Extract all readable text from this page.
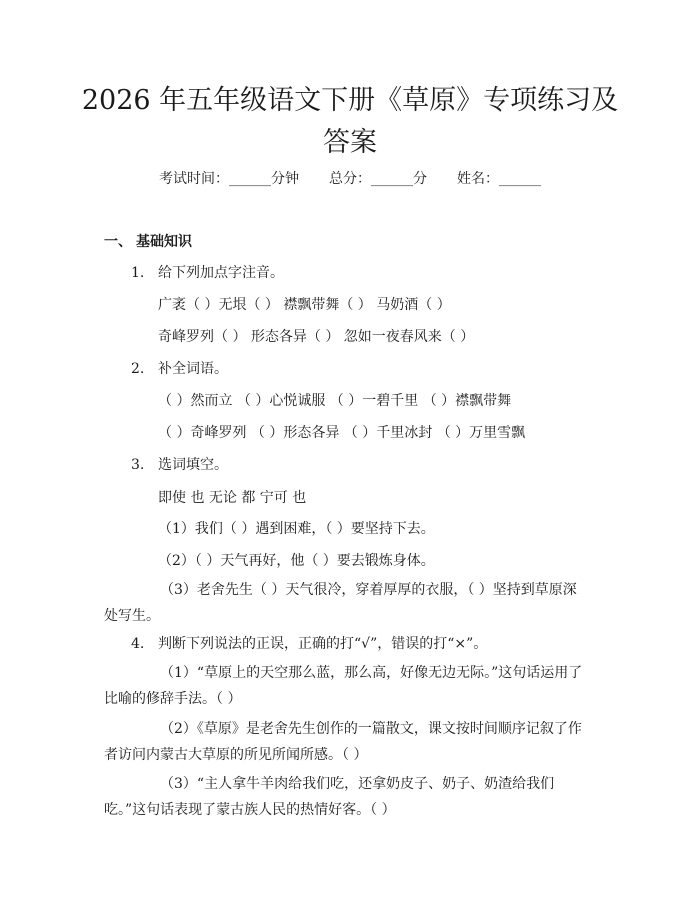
2026 年五年级语文下册《草原》专项练习及
答案
考试时间：______分钟 总分：______分 姓名：______
一、 基础知识
1. 给下列加点字注音。
广袤（ ）无垠（ ） 襟飘带舞（ ） 马奶酒（ ）
奇峰罗列（ ） 形态各异（ ） 忽如一夜春风来（ ）
2. 补全词语。
（ ）然而立 （ ）心悦诚服 （ ）一碧千里 （ ）襟飘带舞
（ ）奇峰罗列 （ ）形态各异 （ ）千里冰封 （ ）万里雪飘
3. 选词填空。
即使 也 无论 都 宁可 也
（1）我们（ ）遇到困难，（ ）要坚持下去。
（2）（ ）天气再好，他（ ）要去锻炼身体。
（3）老舍先生（ ）天气很冷，穿着厚厚的衣服，（ ）坚持到草原深处写生。
4. 判断下列说法的正误，正确的打“√”，错误的打“×”。
（1）“草原上的天空那么蓝，那么高，好像无边无际。”这句话运用了比喻的修辞手法。（ ）
（2）《草原》是老舍先生创作的一篇散文，课文按时间顺序记叙了作者访问内蒙古大草原的所见所闻所感。（ ）
（3）“主人拿牛羊肉给我们吃，还拿奶皮子、奶子、奶渣给我们吃。”这句话表现了蒙古族人民的热情好客。（ ）
